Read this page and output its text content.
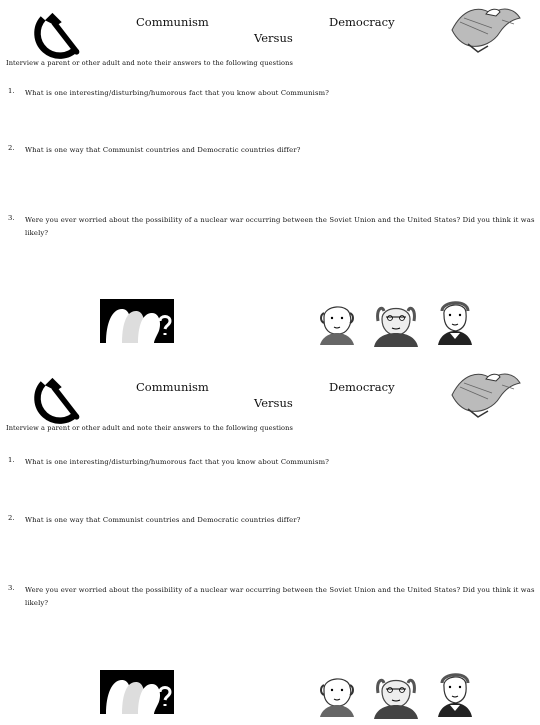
Communism
Versus
Democracy
Interview a parent or other adult and note their answers to the following questions
1. What is one interesting/disturbing/humorous fact that you know about Communism?
2. What is one way that Communist countries and Democratic countries differ?
3. Were you ever worried about the possibility of a nuclear war occurring between the Soviet Union and the United States? Did you think it was likely?
Communism
Versus
Democracy
Interview a parent or other adult and note their answers to the following questions
1. What is one interesting/disturbing/humorous fact that you know about Communism?
2. What is one way that Communist countries and Democratic countries differ?
3. Were you ever worried about the possibility of a nuclear war occurring between the Soviet Union and the United States? Did you think it was likely?
